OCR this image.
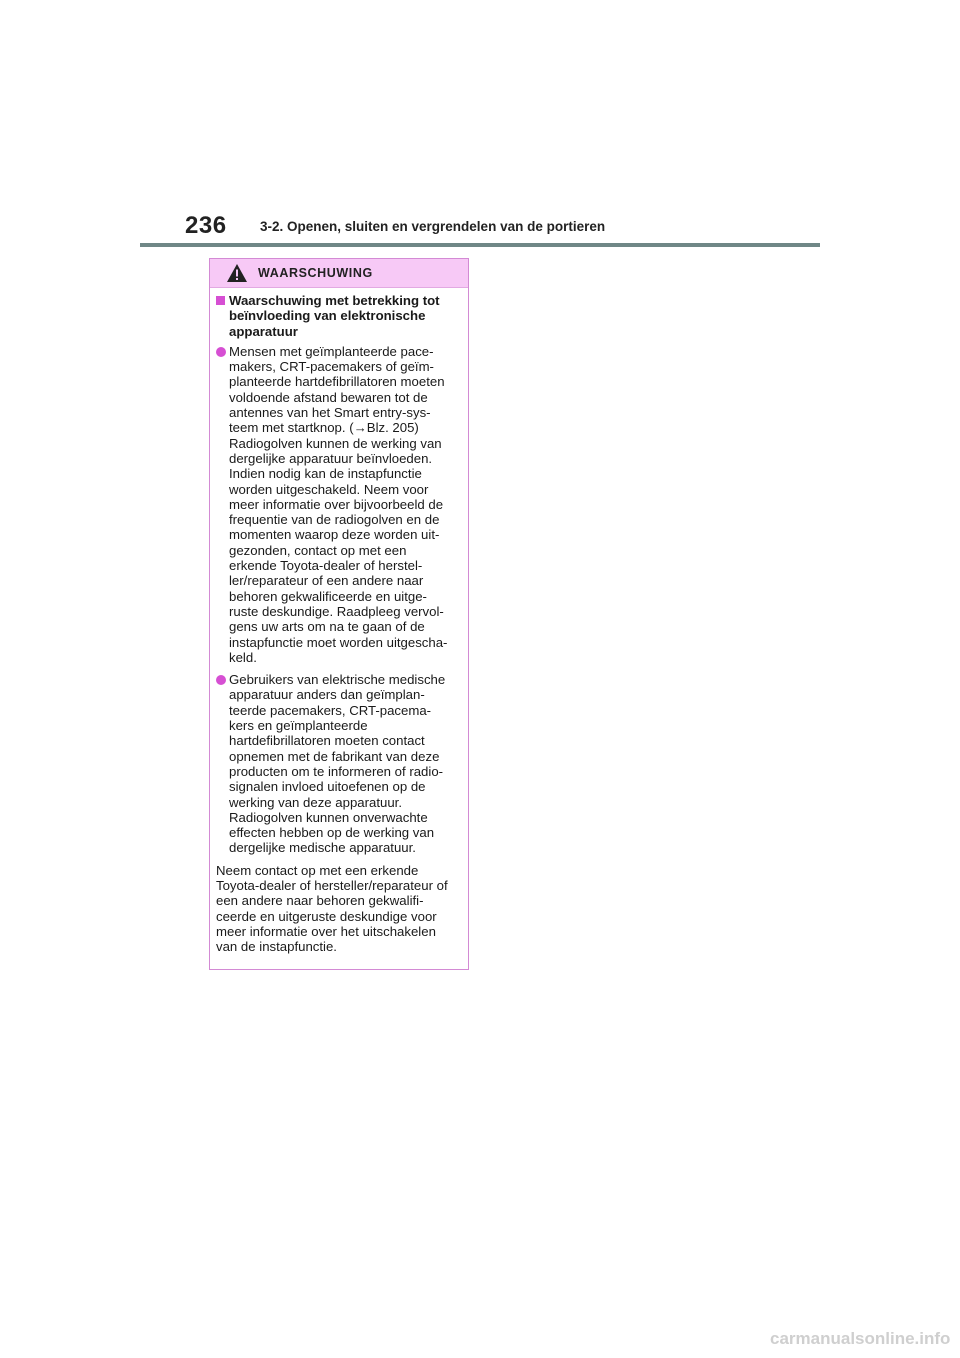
236 3-2. Openen, sluiten en vergrendelen van de portieren
WAARSCHUWING
Waarschuwing met betrekking tot
beïnvloeding van elektronische
apparatuur
Mensen met geïmplanteerde pace-
makers, CRT-pacemakers of geïm-
planteerde hartdefibrillatoren moeten
voldoende afstand bewaren tot de
antennes van het Smart entry-sys-
teem met startknop. (→Blz. 205)
Radiogolven kunnen de werking van
dergelijke apparatuur beïnvloeden.
Indien nodig kan de instapfunctie
worden uitgeschakeld. Neem voor
meer informatie over bijvoorbeeld de
frequentie van de radiogolven en de
momenten waarop deze worden uit-
gezonden, contact op met een
erkende Toyota-dealer of herstel-
ler/reparateur of een andere naar
behoren gekwalificeerde en uitge-
ruste deskundige. Raadpleeg vervol-
gens uw arts om na te gaan of de
instapfunctie moet worden uitgescha-
keld.
Gebruikers van elektrische medische
apparatuur anders dan geïmplan-
teerde pacemakers, CRT-pacema-
kers en geïmplanteerde
hartdefibrillatoren moeten contact
opnemen met de fabrikant van deze
producten om te informeren of radio-
signalen invloed uitoefenen op de
werking van deze apparatuur.
Radiogolven kunnen onverwachte
effecten hebben op de werking van
dergelijke medische apparatuur.
Neem contact op met een erkende
Toyota-dealer of hersteller/reparateur of
een andere naar behoren gekwalifi-
ceerde en uitgeruste deskundige voor
meer informatie over het uitschakelen
van de instapfunctie.
carmanualsonline.info
